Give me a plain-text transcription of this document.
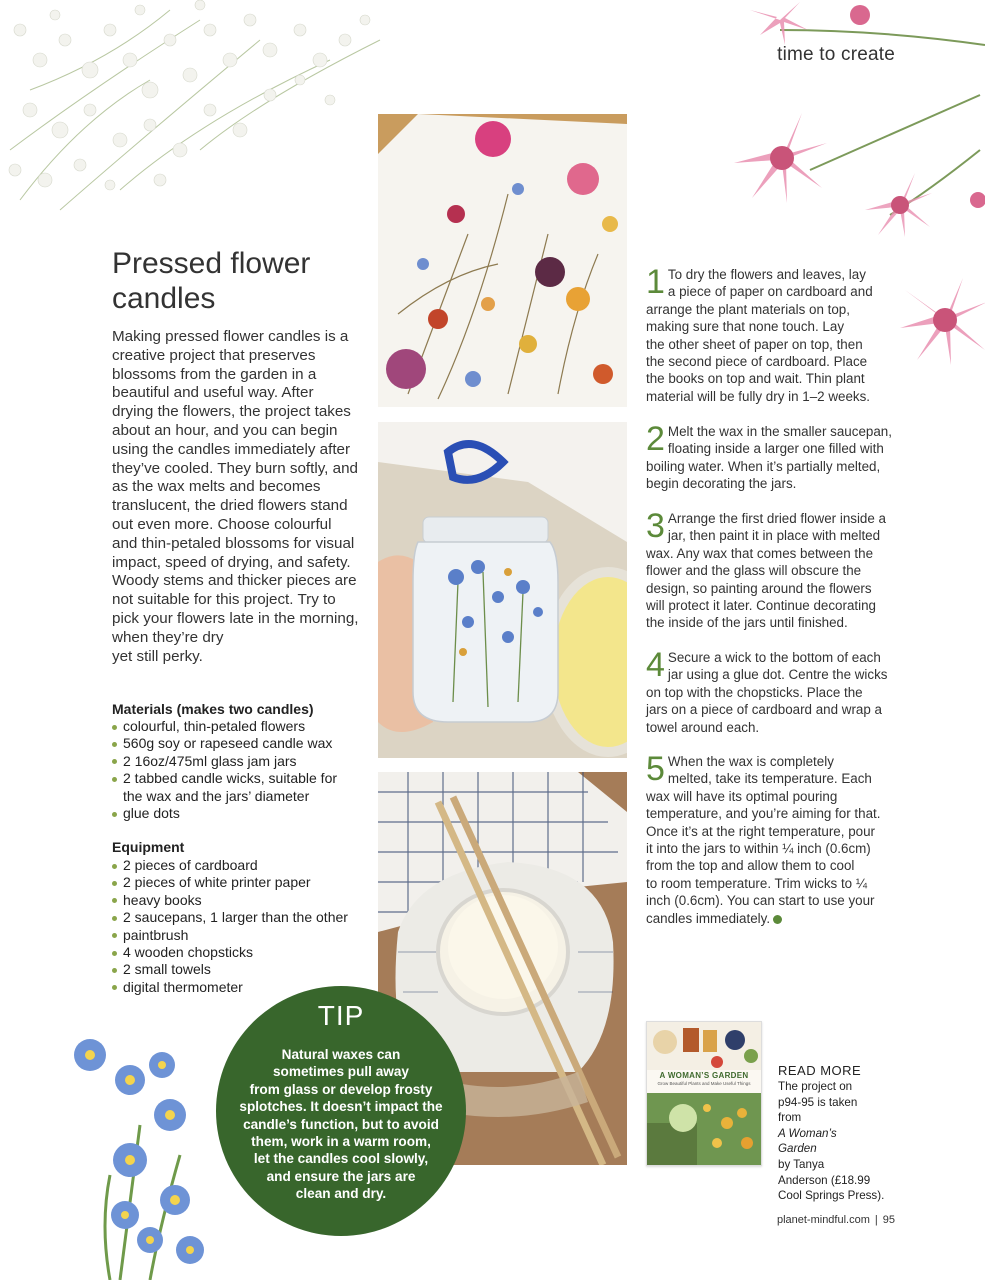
time to create
Pressed flower candles
Making pressed flower candles is a
creative project that preserves
blossoms from the garden in a
beautiful and useful way. After
drying the flowers, the project takes
about an hour, and you can begin
using the candles immediately after
they’ve cooled. They burn softly, and
as the wax melts and becomes
translucent, the dried flowers stand
out even more. Choose colourful
and thin-petaled blossoms for visual
impact, speed of drying, and safety.
Woody stems and thicker pieces are
not suitable for this project. Try to
pick your flowers late in the morning,
when they’re dry
yet still perky.
Materials (makes two candles)
colourful, thin-petaled flowers
560g soy or rapeseed candle wax
2 16oz/475ml glass jam jars
2 tabbed candle wicks, suitable for
the wax and the jars’ diameter
glue dots
Equipment
2 pieces of cardboard
2 pieces of white printer paper
heavy books
2 saucepans, 1 larger than the other
paintbrush
4 wooden chopsticks
2 small towels
digital thermometer
1 To dry the flowers and leaves, lay
a piece of paper on cardboard and
arrange the plant materials on top,
making sure that none touch. Lay
the other sheet of paper on top, then
the second piece of cardboard. Place
the books on top and wait. Thin plant
material will be fully dry in 1–2 weeks.
2 Melt the wax in the smaller saucepan,
floating inside a larger one filled with
boiling water. When it’s partially melted,
begin decorating the jars.
3 Arrange the first dried flower inside a
jar, then paint it in place with melted
wax. Any wax that comes between the
flower and the glass will obscure the
design, so painting around the flowers
will protect it later. Continue decorating
the inside of the jars until finished.
4 Secure a wick to the bottom of each
jar using a glue dot. Centre the wicks
on top with the chopsticks. Place the
jars on a piece of cardboard and wrap a
towel around each.
5 When the wax is completely
melted, take its temperature. Each
wax will have its optimal pouring
temperature, and you’re aiming for that.
Once it’s at the right temperature, pour
it into the jars to within ¼ inch (0.6cm)
from the top and allow them to cool
to room temperature. Trim wicks to ¼
inch (0.6cm). You can start to use your
candles immediately.
TIP
Natural waxes can
sometimes pull away
from glass or develop frosty
splotches. It doesn’t impact the
candle’s function, but to avoid
them, work in a warm room,
let the candles cool slowly,
and ensure the jars are
clean and dry.
A WOMAN’S GARDEN
Grow Beautiful Plants and Make Useful Things
READ MORE
The project on
p94-95 is taken
from
A Woman’s
Garden
by Tanya
Anderson (£18.99
Cool Springs Press).
planet-mindful.com | 95
